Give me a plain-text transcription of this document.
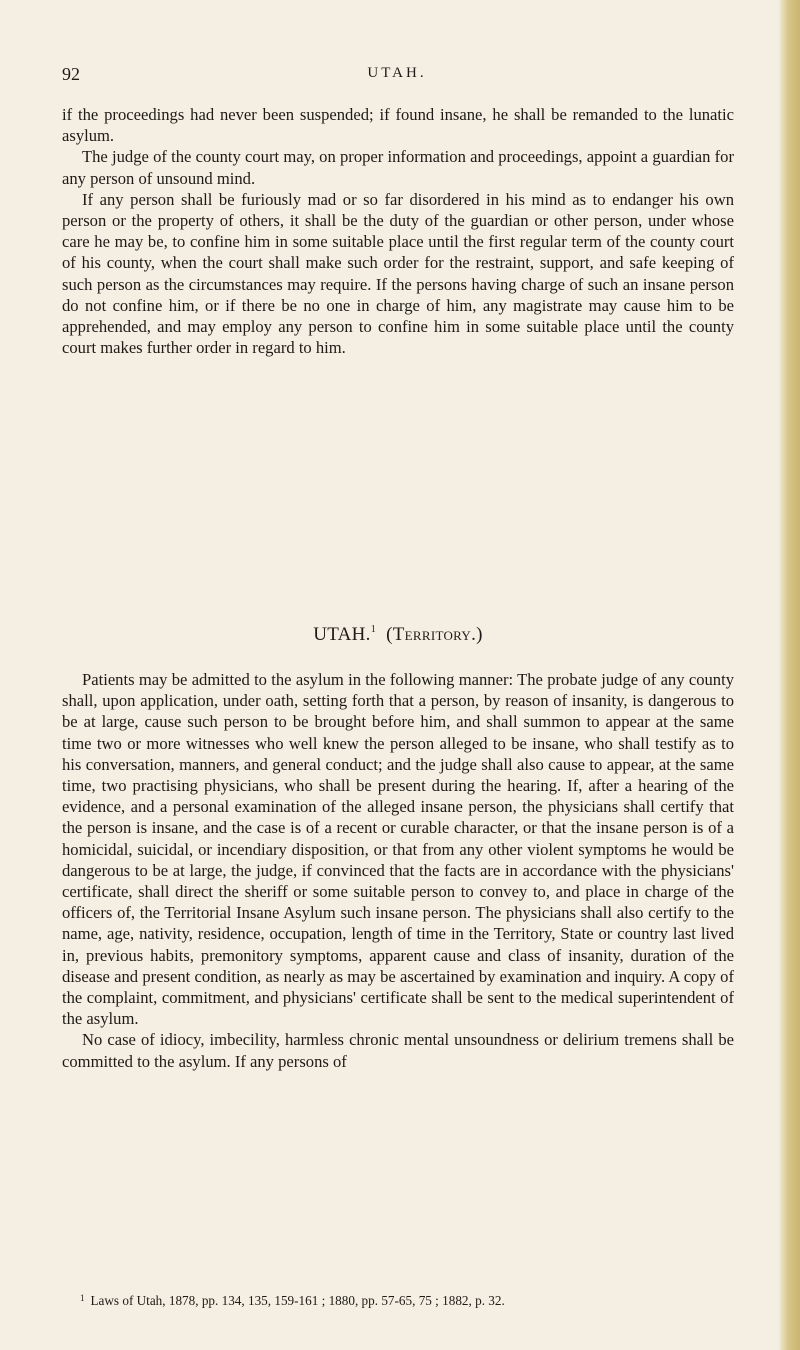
92	UTAH.

if the proceedings had never been suspended; if found insane, he shall be remanded to the lunatic asylum.

The judge of the county court may, on proper information and proceedings, appoint a guardian for any person of unsound mind.

If any person shall be furiously mad or so far disordered in his mind as to endanger his own person or the property of others, it shall be the duty of the guardian or other person, under whose care he may be, to confine him in some suitable place until the first regular term of the county court of his county, when the court shall make such order for the restraint, support, and safe keeping of such person as the circumstances may require. If the persons having charge of such an insane person do not confine him, or if there be no one in charge of him, any magistrate may cause him to be apprehended, and may employ any person to confine him in some suitable place until the county court makes further order in regard to him.

UTAH.$^1$ (Territory.)

Patients may be admitted to the asylum in the following manner: The probate judge of any county shall, upon application, under oath, setting forth that a person, by reason of insanity, is dangerous to be at large, cause such person to be brought before him, and shall summon to appear at the same time two or more witnesses who well knew the person alleged to be insane, who shall testify as to his conversation, manners, and general conduct; and the judge shall also cause to appear, at the same time, two practising physicians, who shall be present during the hearing. If, after a hearing of the evidence, and a personal examination of the alleged insane person, the physicians shall certify that the person is insane, and the case is of a recent or curable character, or that the insane person is of a homicidal, suicidal, or incendiary disposition, or that from any other violent symptoms he would be dangerous to be at large, the judge, if convinced that the facts are in accordance with the physicians' certificate, shall direct the sheriff or some suitable person to convey to, and place in charge of the officers of, the Territorial Insane Asylum such insane person. The physicians shall also certify to the name, age, nativity, residence, occupation, length of time in the Territory, State or country last lived in, previous habits, premonitory symptoms, apparent cause and class of insanity, duration of the disease and present condition, as nearly as may be ascertained by examination and inquiry. A copy of the complaint, commitment, and physicians' certificate shall be sent to the medical superintendent of the asylum.

No case of idiocy, imbecility, harmless chronic mental unsoundness or delirium tremens shall be committed to the asylum. If any persons of

$^1$ Laws of Utah, 1878, pp. 134, 135, 159-161 ; 1880, pp. 57-65, 75 ; 1882, p. 32.
